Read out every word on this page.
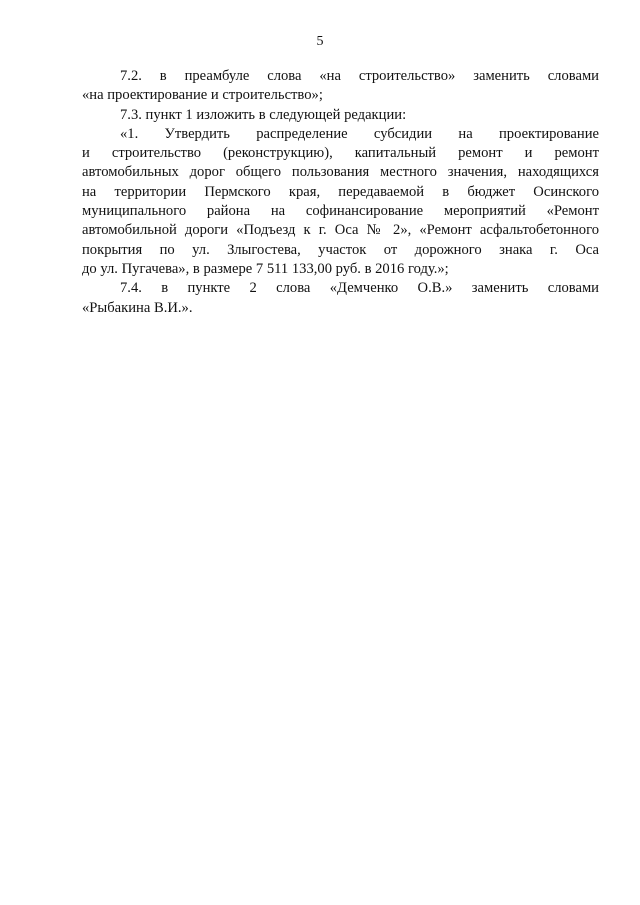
5

7.2. в преамбуле слова «на строительство» заменить словами
«на проектирование и строительство»;

7.3. пункт 1 изложить в следующей редакции:

«1. Утвердить распределение субсидии на проектирование
и строительство (реконструкцию), капитальный ремонт и ремонт
автомобильных дорог общего пользования местного значения, находящихся
на территории Пермского края, передаваемой в бюджет Осинского
муниципального района на софинансирование мероприятий «Ремонт
автомобильной дороги «Подъезд к г. Оса № 2», «Ремонт асфальтобетонного
покрытия по ул. Злыгостева, участок от дорожного знака г. Оса
до ул. Пугачева», в размере 7 511 133,00 руб. в 2016 году.»;

7.4. в пункте 2 слова «Демченко О.В.» заменить словами
«Рыбакина В.И.».
